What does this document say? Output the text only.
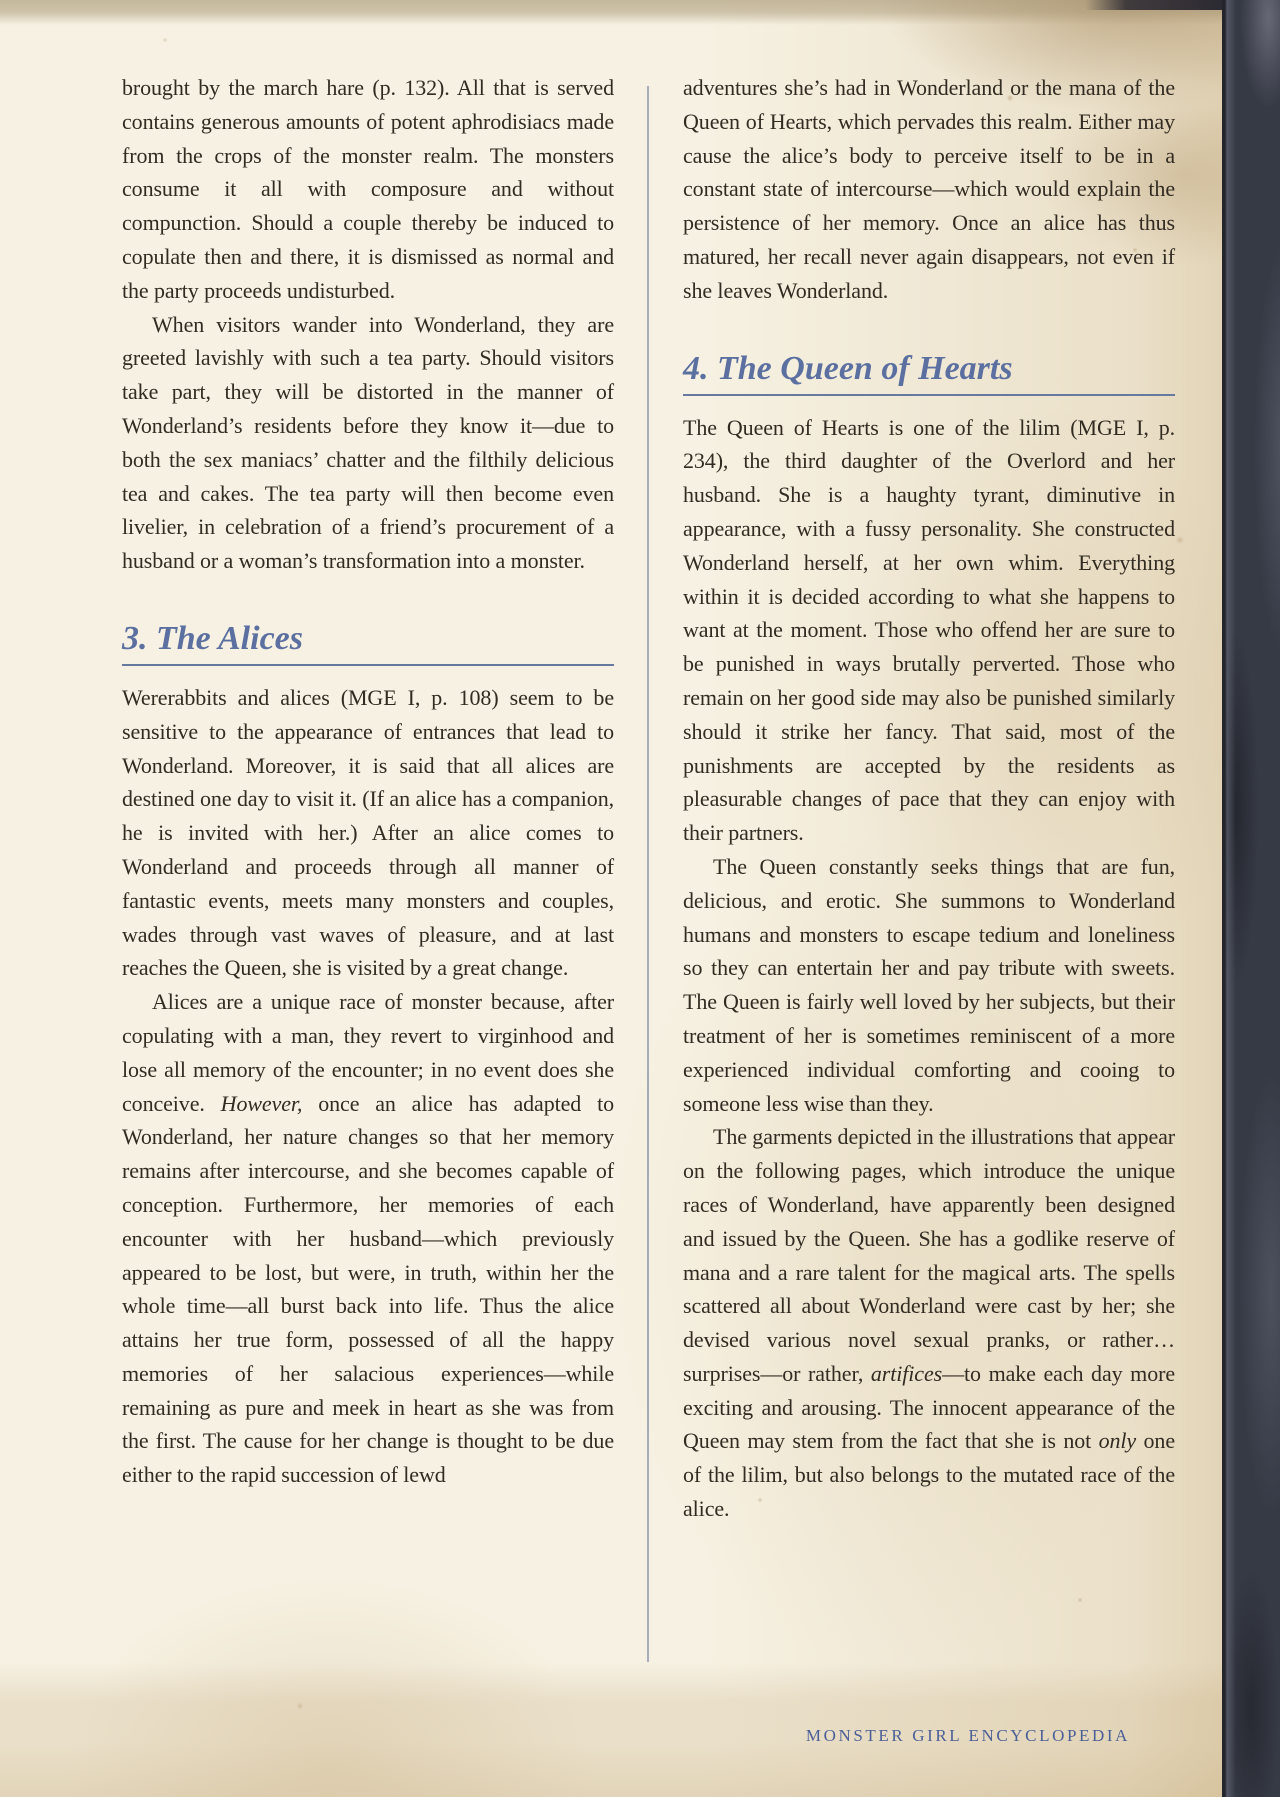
brought by the march hare (p. 132). All that is served contains generous amounts of potent aphrodisiacs made from the crops of the monster realm. The monsters consume it all with composure and without compunction. Should a couple thereby be induced to copulate then and there, it is dismissed as normal and the party proceeds undisturbed.

When visitors wander into Wonderland, they are greeted lavishly with such a tea party. Should visitors take part, they will be distorted in the manner of Wonderland’s residents before they know it—due to both the sex maniacs’ chatter and the filthily delicious tea and cakes. The tea party will then become even livelier, in celebration of a friend’s procurement of a husband or a woman’s transformation into a monster.

3. The Alices

Wererabbits and alices (MGE I, p. 108) seem to be sensitive to the appearance of entrances that lead to Wonderland. Moreover, it is said that all alices are destined one day to visit it. (If an alice has a companion, he is invited with her.) After an alice comes to Wonderland and proceeds through all manner of fantastic events, meets many monsters and couples, wades through vast waves of pleasure, and at last reaches the Queen, she is visited by a great change.

Alices are a unique race of monster because, after copulating with a man, they revert to virginhood and lose all memory of the encounter; in no event does she conceive. However, once an alice has adapted to Wonderland, her nature changes so that her memory remains after intercourse, and she becomes capable of conception. Furthermore, her memories of each encounter with her husband—which previously appeared to be lost, but were, in truth, within her the whole time—all burst back into life. Thus the alice attains her true form, possessed of all the happy memories of her salacious experiences—while remaining as pure and meek in heart as she was from the first. The cause for her change is thought to be due either to the rapid succession of lewd

adventures she’s had in Wonderland or the mana of the Queen of Hearts, which pervades this realm. Either may cause the alice’s body to perceive itself to be in a constant state of intercourse—which would explain the persistence of her memory. Once an alice has thus matured, her recall never again disappears, not even if she leaves Wonderland.

4. The Queen of Hearts

The Queen of Hearts is one of the lilim (MGE I, p. 234), the third daughter of the Overlord and her husband. She is a haughty tyrant, diminutive in appearance, with a fussy personality. She constructed Wonderland herself, at her own whim. Everything within it is decided according to what she happens to want at the moment. Those who offend her are sure to be punished in ways brutally perverted. Those who remain on her good side may also be punished similarly should it strike her fancy. That said, most of the punishments are accepted by the residents as pleasurable changes of pace that they can enjoy with their partners.

The Queen constantly seeks things that are fun, delicious, and erotic. She summons to Wonderland humans and monsters to escape tedium and loneliness so they can entertain her and pay tribute with sweets. The Queen is fairly well loved by her subjects, but their treatment of her is sometimes reminiscent of a more experienced individual comforting and cooing to someone less wise than they.

The garments depicted in the illustrations that appear on the following pages, which introduce the unique races of Wonderland, have apparently been designed and issued by the Queen. She has a godlike reserve of mana and a rare talent for the magical arts. The spells scattered all about Wonderland were cast by her; she devised various novel sexual pranks, or rather…surprises—or rather, artifices—to make each day more exciting and arousing. The innocent appearance of the Queen may stem from the fact that she is not only one of the lilim, but also belongs to the mutated race of the alice.

MONSTER GIRL ENCYCLOPEDIA
